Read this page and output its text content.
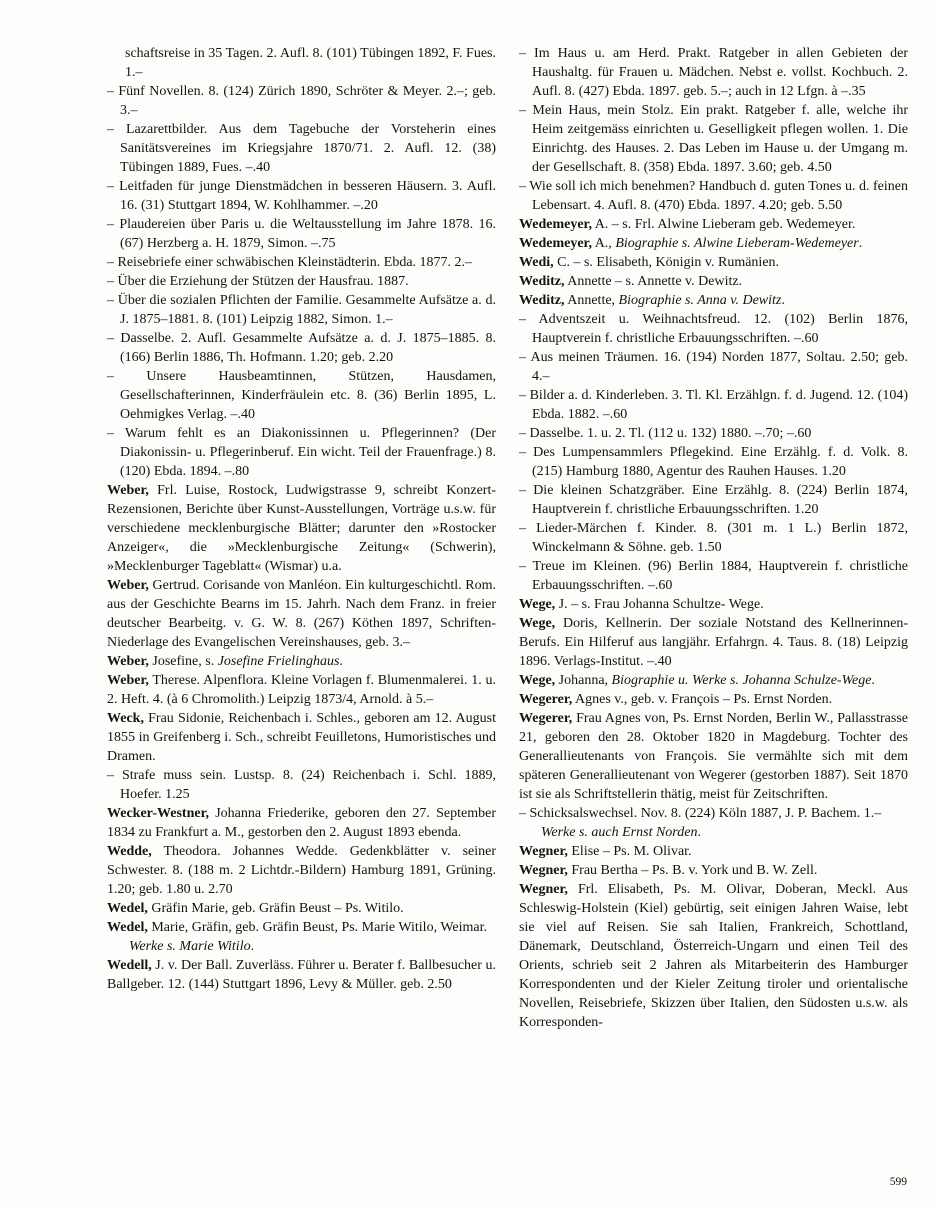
schaftsreise in 35 Tagen. 2. Aufl. 8. (101) Tübingen 1892, F. Fues. 1.–

– Fünf Novellen. 8. (124) Zürich 1890, Schröter & Meyer. 2.–; geb. 3.–

– Lazarettbilder. Aus dem Tagebuche der Vorsteherin eines Sanitätsvereines im Kriegsjahre 1870/71. 2. Aufl. 12. (38) Tübingen 1889, Fues. –.40

– Leitfaden für junge Dienstmädchen in besseren Häusern. 3. Aufl. 16. (31) Stuttgart 1894, W. Kohlhammer. –.20

– Plaudereien über Paris u. die Weltausstellung im Jahre 1878. 16. (67) Herzberg a. H. 1879, Simon. –.75

– Reisebriefe einer schwäbischen Kleinstädterin. Ebda. 1877. 2.–

– Über die Erziehung der Stützen der Hausfrau. 1887.

– Über die sozialen Pflichten der Familie. Gesammelte Aufsätze a. d. J. 1875–1881. 8. (101) Leipzig 1882, Simon. 1.–

– Dasselbe. 2. Aufl. Gesammelte Aufsätze a. d. J. 1875–1885. 8. (166) Berlin 1886, Th. Hofmann. 1.20; geb. 2.20

– Unsere Hausbeamtinnen, Stützen, Hausdamen, Gesellschafterinnen, Kinderfräulein etc. 8. (36) Berlin 1895, L. Oehmigkes Verlag. –.40

– Warum fehlt es an Diakonissinnen u. Pflegerinnen? (Der Diakonissin- u. Pflegerinberuf. Ein wicht. Teil der Frauenfrage.) 8. (120) Ebda. 1894. –.80

Weber, Frl. Luise, Rostock, Ludwigstrasse 9, schreibt Konzert-Rezensionen, Berichte über Kunst-Ausstellungen, Vorträge u.s.w. für verschiedene mecklenburgische Blätter; darunter den »Rostocker Anzeiger«, die »Mecklenburgische Zeitung« (Schwerin), »Mecklenburger Tageblatt« (Wismar) u.a.

Weber, Gertrud. Corisande von Manléon. Ein kulturgeschichtl. Rom. aus der Geschichte Bearns im 15. Jahrh. Nach dem Franz. in freier deutscher Bearbeitg. v. G. W. 8. (267) Köthen 1897, Schriften-Niederlage des Evangelischen Vereinshauses, geb. 3.–

Weber, Josefine, s. Josefine Frielinghaus.

Weber, Therese. Alpenflora. Kleine Vorlagen f. Blumenmalerei. 1. u. 2. Heft. 4. (à 6 Chromolith.) Leipzig 1873/4, Arnold. à 5.–

Weck, Frau Sidonie, Reichenbach i. Schles., geboren am 12. August 1855 in Greifenberg i. Sch., schreibt Feuilletons, Humoristisches und Dramen.

– Strafe muss sein. Lustsp. 8. (24) Reichenbach i. Schl. 1889, Hoefer. 1.25

Wecker-Westner, Johanna Friederike, geboren den 27. September 1834 zu Frankfurt a. M., gestorben den 2. August 1893 ebenda.

Wedde, Theodora. Johannes Wedde. Gedenkblätter v. seiner Schwester. 8. (188 m. 2 Lichtdr.-Bildern) Hamburg 1891, Grüning. 1.20; geb. 1.80 u. 2.70

Wedel, Gräfin Marie, geb. Gräfin Beust – Ps. Witilo.

Wedel, Marie, Gräfin, geb. Gräfin Beust, Ps. Marie Witilo, Weimar.

Werke s. Marie Witilo.

Wedell, J. v. Der Ball. Zuverläss. Führer u. Berater f. Ballbesucher u. Ballgeber. 12. (144) Stuttgart 1896, Levy & Müller. geb. 2.50

– Im Haus u. am Herd. Prakt. Ratgeber in allen Gebieten der Haushaltg. für Frauen u. Mädchen. Nebst e. vollst. Kochbuch. 2. Aufl. 8. (427) Ebda. 1897. geb. 5.–; auch in 12 Lfgn. à –.35

– Mein Haus, mein Stolz. Ein prakt. Ratgeber f. alle, welche ihr Heim zeitgemäss einrichten u. Geselligkeit pflegen wollen. 1. Die Einrichtg. des Hauses. 2. Das Leben im Hause u. der Umgang m. der Gesellschaft. 8. (358) Ebda. 1897. 3.60; geb. 4.50

– Wie soll ich mich benehmen? Handbuch d. guten Tones u. d. feinen Lebensart. 4. Aufl. 8. (470) Ebda. 1897. 4.20; geb. 5.50

Wedemeyer, A. – s. Frl. Alwine Lieberam geb. Wedemeyer.

Wedemeyer, A., Biographie s. Alwine Lieberam-Wedemeyer.

Wedi, C. – s. Elisabeth, Königin v. Rumänien.

Weditz, Annette – s. Annette v. Dewitz.

Weditz, Annette, Biographie s. Anna v. Dewitz.

– Adventszeit u. Weihnachtsfreud. 12. (102) Berlin 1876, Hauptverein f. christliche Erbauungsschriften. –.60

– Aus meinen Träumen. 16. (194) Norden 1877, Soltau. 2.50; geb. 4.–

– Bilder a. d. Kinderleben. 3. Tl. Kl. Erzählgn. f. d. Jugend. 12. (104) Ebda. 1882. –.60

– Dasselbe. 1. u. 2. Tl. (112 u. 132) 1880. –.70; –.60

– Des Lumpensammlers Pflegekind. Eine Erzählg. f. d. Volk. 8. (215) Hamburg 1880, Agentur des Rauhen Hauses. 1.20

– Die kleinen Schatzgräber. Eine Erzählg. 8. (224) Berlin 1874, Hauptverein f. christliche Erbauungsschriften. 1.20

– Lieder-Märchen f. Kinder. 8. (301 m. 1 L.) Berlin 1872, Winckelmann & Söhne. geb. 1.50

– Treue im Kleinen. (96) Berlin 1884, Hauptverein f. christliche Erbauungsschriften. –.60

Wege, J. – s. Frau Johanna Schultze- Wege.

Wege, Doris, Kellnerin. Der soziale Notstand des Kellnerinnen-Berufs. Ein Hilferuf aus langjähr. Erfahrgn. 4. Taus. 8. (18) Leipzig 1896. Verlags-Institut. –.40

Wege, Johanna, Biographie u. Werke s. Johanna Schulze-Wege.

Wegerer, Agnes v., geb. v. François – Ps. Ernst Norden.

Wegerer, Frau Agnes von, Ps. Ernst Norden, Berlin W., Pallasstrasse 21, geboren den 28. Oktober 1820 in Magdeburg. Tochter des Generallieutenants von François. Sie vermählte sich mit dem späteren Generallieutenant von Wegerer (gestorben 1887). Seit 1870 ist sie als Schriftstellerin thätig, meist für Zeitschriften.

– Schicksalswechsel. Nov. 8. (224) Köln 1887, J. P. Bachem. 1.–

Werke s. auch Ernst Norden.

Wegner, Elise – Ps. M. Olivar.

Wegner, Frau Bertha – Ps. B. v. York und B. W. Zell.

Wegner, Frl. Elisabeth, Ps. M. Olivar, Doberan, Meckl. Aus Schleswig-Holstein (Kiel) gebürtig, seit einigen Jahren Waise, lebt sie viel auf Reisen. Sie sah Italien, Frankreich, Schottland, Dänemark, Deutschland, Österreich-Ungarn und einen Teil des Orients, schrieb seit 2 Jahren als Mitarbeiterin des Hamburger Korrespondenten und der Kieler Zeitung tiroler und orientalische Novellen, Reisebriefe, Skizzen über Italien, den Südosten u.s.w. als Korresponden-

599
